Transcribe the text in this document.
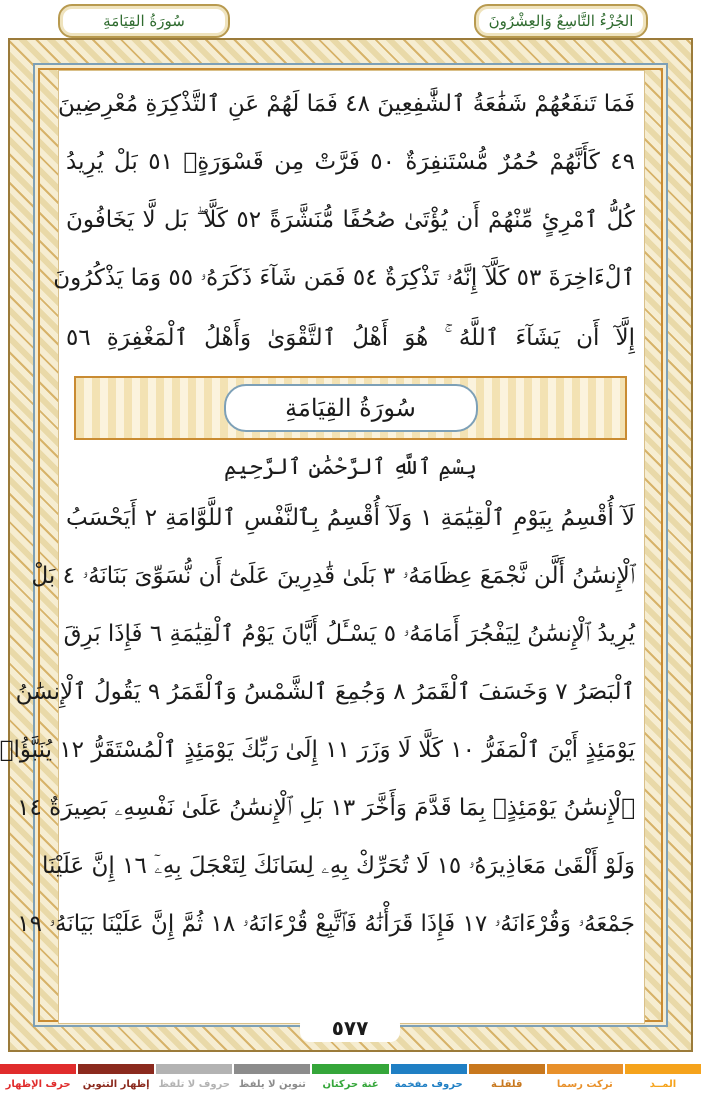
سُورَةُ القِيَامَةِ	الجُزْءُ التَّاسِعُ وَالعِشْرُونَ
فَمَا تَنفَعُهُمْ شَفَٰعَةُ ٱلشَّٰفِعِينَ ٤٨ فَمَا لَهُمْ عَنِ ٱلتَّذْكِرَةِ مُعْرِضِينَ
٤٩ كَأَنَّهُمْ حُمُرٌ مُّسْتَنفِرَةٌ ٥٠ فَرَّتْ مِن قَسْوَرَةٍۭ ٥١ بَلْ يُرِيدُ
كُلُّ ٱمْرِئٍ مِّنْهُمْ أَن يُؤْتَىٰ صُحُفًا مُّنَشَّرَةً ٥٢ كَلَّا ۖ بَل لَّا يَخَافُونَ
ٱلْءَاخِرَةَ ٥٣ كَلَّآ إِنَّهُۥ تَذْكِرَةٌ ٥٤ فَمَن شَآءَ ذَكَرَهُۥ ٥٥ وَمَا يَذْكُرُونَ
إِلَّآ أَن يَشَآءَ ٱللَّهُ ۚ هُوَ أَهْلُ ٱلتَّقْوَىٰ وَأَهْلُ ٱلْمَغْفِرَةِ ٥٦
سُورَةُ القِيَامَةِ
بِسْمِ ٱللَّهِ ٱلرَّحْمَٰنِ ٱلرَّحِيمِ
لَآ أُقْسِمُ بِيَوْمِ ٱلْقِيَٰمَةِ ١ وَلَآ أُقْسِمُ بِٱلنَّفْسِ ٱللَّوَّامَةِ ٢ أَيَحْسَبُ
ٱلْإِنسَٰنُ أَلَّن نَّجْمَعَ عِظَامَهُۥ ٣ بَلَىٰ قَٰدِرِينَ عَلَىٰٓ أَن نُّسَوِّىَ بَنَانَهُۥ ٤ بَلْ
يُرِيدُ ٱلْإِنسَٰنُ لِيَفْجُرَ أَمَامَهُۥ ٥ يَسْـَٔلُ أَيَّانَ يَوْمُ ٱلْقِيَٰمَةِ ٦ فَإِذَا بَرِقَ
ٱلْبَصَرُ ٧ وَخَسَفَ ٱلْقَمَرُ ٨ وَجُمِعَ ٱلشَّمْسُ وَٱلْقَمَرُ ٩ يَقُولُ ٱلْإِنسَٰنُ
يَوْمَئِذٍ أَيْنَ ٱلْمَفَرُّ ١٠ كَلَّا لَا وَزَرَ ١١ إِلَىٰ رَبِّكَ يَوْمَئِذٍ ٱلْمُسْتَقَرُّ ١٢ يُنَبَّؤُا۟
ٱلْإِنسَٰنُ يَوْمَئِذٍۭ بِمَا قَدَّمَ وَأَخَّرَ ١٣ بَلِ ٱلْإِنسَٰنُ عَلَىٰ نَفْسِهِۦ بَصِيرَةٌ ١٤
وَلَوْ أَلْقَىٰ مَعَاذِيرَهُۥ ١٥ لَا تُحَرِّكْ بِهِۦ لِسَانَكَ لِتَعْجَلَ بِهِۦٓ ١٦ إِنَّ عَلَيْنَا
جَمْعَهُۥ وَقُرْءَانَهُۥ ١٧ فَإِذَا قَرَأْنَٰهُ فَٱتَّبِعْ قُرْءَانَهُۥ ١٨ ثُمَّ إِنَّ عَلَيْنَا بَيَانَهُۥ ١٩
٥٧٧
المــد
تركت رسما
قلقلـة
حروف مفخمة
غنة حركتان
تنوين لا يلفظ
حروف لا تلفظ
إظهار التنوين
حرف الإظهار
